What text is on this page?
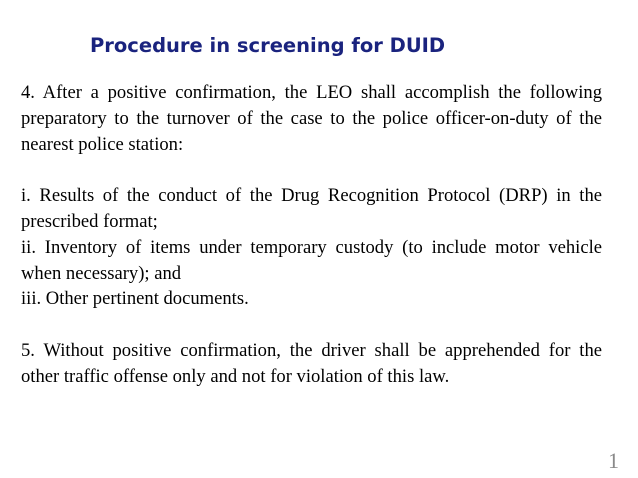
Procedure in screening for DUID

4. After a positive confirmation, the LEO shall accomplish the following preparatory to the turnover of the case to the police officer-on-duty of the nearest police station:

i. Results of the conduct of the Drug Recognition Protocol (DRP) in the prescribed format;

ii. Inventory of items under temporary custody (to include motor vehicle when necessary); and

iii. Other pertinent documents.

5. Without positive confirmation, the driver shall be apprehended for the other traffic offense only and not for violation of this law.

1
